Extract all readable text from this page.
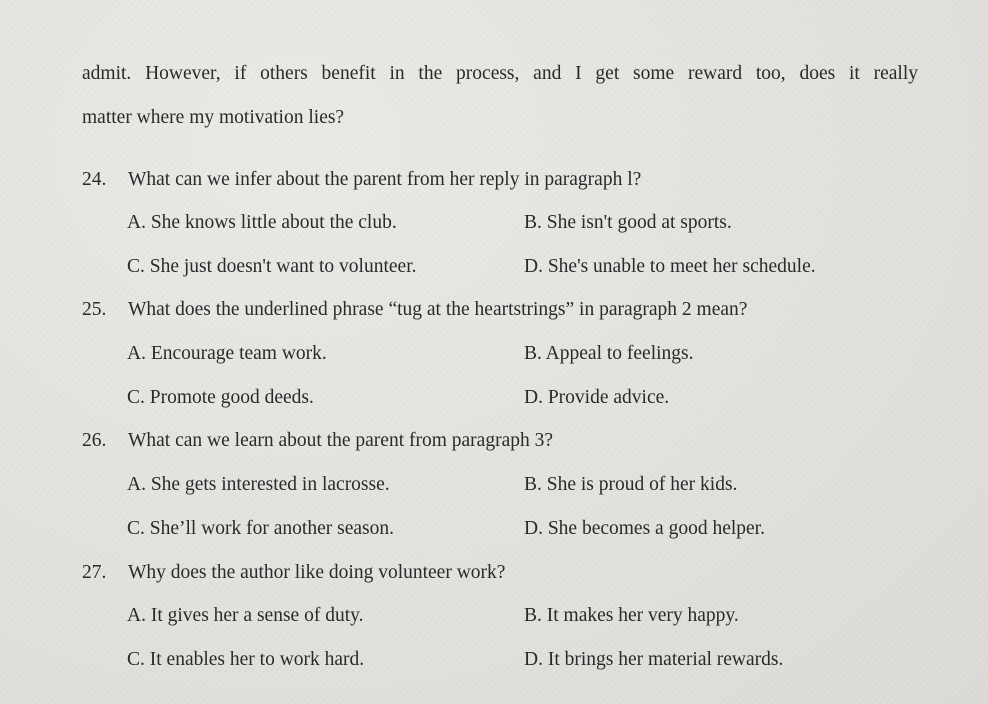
admit. However, if others benefit in the process, and I get some reward too, does it really
matter where my motivation lies?
24. What can we infer about the parent from her reply in paragraph l?
A. She knows little about the club.	B. She isn't good at sports.
C. She just doesn't want to volunteer.	D. She's unable to meet her schedule.
25. What does the underlined phrase “tug at the heartstrings” in paragraph 2 mean?
A. Encourage team work.	B. Appeal to feelings.
C. Promote good deeds.	D. Provide advice.
26. What can we learn about the parent from paragraph 3?
A. She gets interested in lacrosse.	B. She is proud of her kids.
C. She’ll work for another season.	D. She becomes a good helper.
27. Why does the author like doing volunteer work?
A. It gives her a sense of duty.	B. It makes her very happy.
C. It enables her to work hard.	D. It brings her material rewards.
